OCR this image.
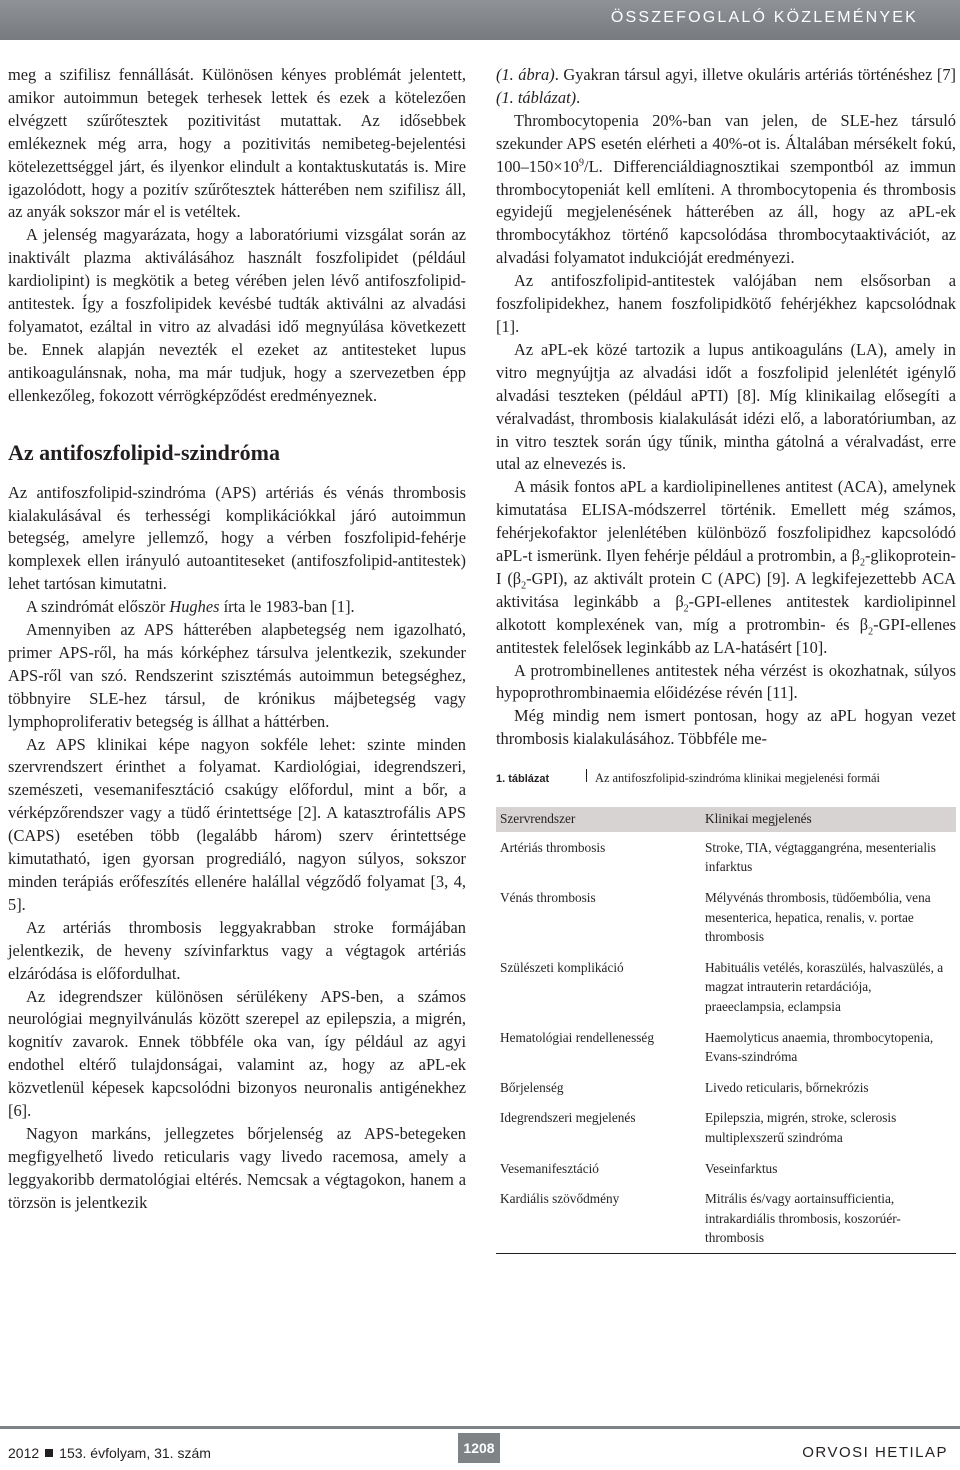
ÖSSZEFOGLALÓ KÖZLEMÉNYEK

meg a szifilisz fennállását. Különösen kényes problémát jelentett, amikor autoimmun betegek terhesek lettek és ezek a kötelezően elvégzett szűrőtesztek pozitivitást mutattak. Az idősebbek emlékeznek még arra, hogy a pozitivitás nemibeteg-bejelentési kötelezettséggel járt, és ilyenkor elindult a kontaktuskutatás is. Mire igazolódott, hogy a pozitív szűrőtesztek hátterében nem szifilisz áll, az anyák sokszor már el is vetéltek.

A jelenség magyarázata, hogy a laboratóriumi vizsgálat során az inaktivált plazma aktiválásához használt foszfolipidet (például kardiolipint) is megkötik a beteg vérében jelen lévő antifoszfolipid-antitestek. Így a foszfolipidek kevésbé tudták aktiválni az alvadási folyamatot, ezáltal in vitro az alvadási idő megnyúlása következett be. Ennek alapján nevezték el ezeket az antitesteket lupus antikoagulánsnak, noha, ma már tudjuk, hogy a szervezetben épp ellenkezőleg, fokozott vérrögképződést eredményeznek.

Az antifoszfolipid-szindróma

Az antifoszfolipid-szindróma (APS) artériás és vénás thrombosis kialakulásával és terhességi komplikációkkal járó autoimmun betegség, amelyre jellemző, hogy a vérben foszfolipid-fehérje komplexek ellen irányuló autoantiteseket (antifoszfolipid-antitestek) lehet tartósan kimutatni.

A szindrómát először Hughes írta le 1983-ban [1].

Amennyiben az APS hátterében alapbetegség nem igazolható, primer APS-ről, ha más kórképhez társulva jelentkezik, szekunder APS-ről van szó. Rendszerint szisztémás autoimmun betegséghez, többnyire SLE-hez társul, de krónikus májbetegség vagy lymphoproliferativ betegség is állhat a háttérben.

Az APS klinikai képe nagyon sokféle lehet: szinte minden szervrendszert érinthet a folyamat. Kardiológiai, idegrendszeri, szemészeti, vesemanifesztáció csakúgy előfordul, mint a bőr, a vérképzőrendszer vagy a tüdő érintettsége [2]. A katasztrofális APS (CAPS) esetében több (legalább három) szerv érintettsége kimutatható, igen gyorsan progrediáló, nagyon súlyos, sokszor minden terápiás erőfeszítés ellenére halállal végződő folyamat [3, 4, 5].

Az artériás thrombosis leggyakrabban stroke formájában jelentkezik, de heveny szívinfarktus vagy a végtagok artériás elzáródása is előfordulhat.

Az idegrendszer különösen sérülékeny APS-ben, a számos neurológiai megnyilvánulás között szerepel az epilepszia, a migrén, kognitív zavarok. Ennek többféle oka van, így például az agyi endothel eltérő tulajdonságai, valamint az, hogy az aPL-ek közvetlenül képesek kapcsolódni bizonyos neuronalis antigénekhez [6].

Nagyon markáns, jellegzetes bőrjelenség az APS-betegeken megfigyelhető livedo reticularis vagy livedo racemosa, amely a leggyakoribb dermatológiai eltérés. Nemcsak a végtagokon, hanem a törzsön is jelentkezik

(1. ábra). Gyakran társul agyi, illetve okuláris artériás történéshez [7] (1. táblázat).

Thrombocytopenia 20%-ban van jelen, de SLE-hez társuló szekunder APS esetén elérheti a 40%-ot is. Általában mérsékelt fokú, $100-150\times 10^9/L$. Differenciáldiagnosztikai szempontból az immun thrombocytopeniát kell említeni. A thrombocytopenia és thrombosis egyidejű megjelenésének hátterében az áll, hogy az aPL-ek thrombocytákhoz történő kapcsolódása thrombocytaaktivációt, az alvadási folyamatot indukcióját eredményezi.

Az antifoszfolipid-antitestek valójában nem elsősorban a foszfolipidekhez, hanem foszfolipidkötő fehérjékhez kapcsolódnak [1].

Az aPL-ek közé tartozik a lupus antikoaguláns (LA), amely in vitro megnyújtja az alvadási időt a foszfolipid jelenlétét igénylő alvadási teszteken (például aPTI) [8]. Míg klinikailag elősegíti a véralvadást, thrombosis kialakulását idézi elő, a laboratóriumban, az in vitro tesztek során úgy tűnik, mintha gátolná a véralvadást, erre utal az elnevezés is.

A másik fontos aPL a kardiolipinellenes antitest (ACA), amelynek kimutatása ELISA-módszerrel történik. Emellett még számos, fehérjekofaktor jelenlétében különböző foszfolipidhez kapcsolódó aPL-t ismerünk. Ilyen fehérje például a protrombin, a $\beta_2-glikoprotein-I$ $(\beta_2-GPI)$, az aktivált protein C (APC) [9]. A legkifejezettebb ACA aktivitása leginkább a $\beta_2-GPI$-ellenes antitestek kardiolipinnel alkotott komplexének van, míg a protrombin- és $\beta_2-GPI$-ellenes antitestek felelősek leginkább az LA-hatásért [10].

A protrombinellenes antitestek néha vérzést is okozhatnak, súlyos hypoprothrombinaemia előidézése révén [11].

Még mindig nem ismert pontosan, hogy az aPL hogyan vezet thrombosis kialakulásához. Többféle me-

1. táblázat	Az antifoszfolipid-szindróma klinikai megjelenési formái
Szervrendszer	Klinikai megjelenés
Artériás thrombosis	Stroke, TIA, végtaggangréna, mesenterialis infarktus
Vénás thrombosis	Mélyvénás thrombosis, tüdőembólia, vena mesenterica, hepatica, renalis, v. portae thrombosis
Szülészeti komplikáció	Habituális vetélés, koraszülés, halvaszülés, a magzat intrauterin retardációja, praeeclampsia, eclampsia
Hematológiai rendellenesség	Haemolyticus anaemia, thrombocytopenia, Evans-szindróma
Bőrjelenség	Livedo reticularis, bőrnekrózis
Idegrendszeri megjelenés	Epilepszia, migrén, stroke, sclerosis multiplexszerű szindróma
Vesemanifesztáció	Veseinfarktus
Kardiális szövődmény	Mitrális és/vagy aortainsufficientia, intrakardiális thrombosis, koszorúér-thrombosis
2012 153. évfolyam, 31. szám	1208	ORVOSI HETILAP
